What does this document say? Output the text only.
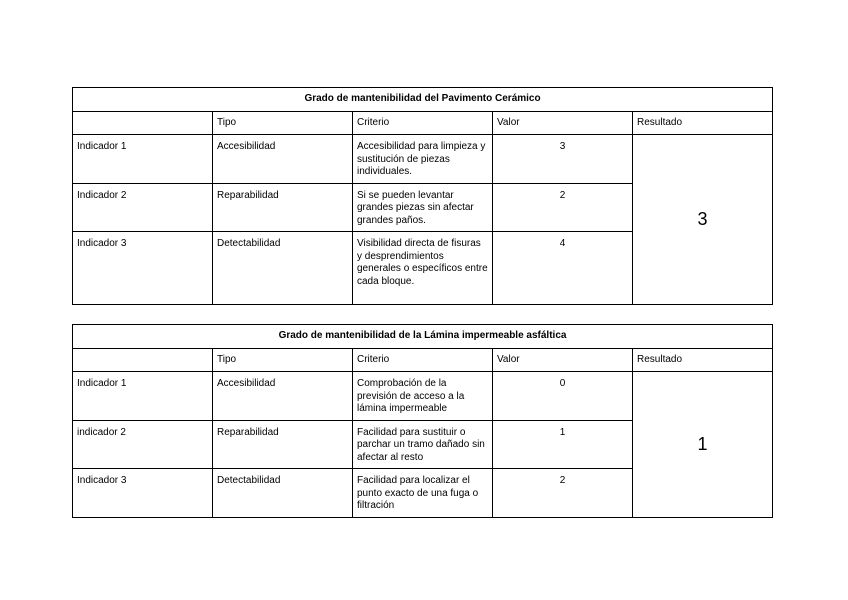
Grado de mantenibilidad del Pavimento Cerámico				
	Tipo	Criterio	Valor	Resultado
Indicador 1	Accesibilidad	Accesibilidad para limpieza y sustitución de piezas individuales.	3	3
Indicador 2	Reparabilidad	Si se pueden levantar grandes piezas sin afectar grandes paños.	2	
Indicador 3	Detectabilidad	Visibilidad directa de fisuras y desprendimientos generales o específicos entre cada bloque.	4	
Grado de mantenibilidad de la Lámina impermeable asfáltica				
	Tipo	Criterio	Valor	Resultado
Indicador 1	Accesibilidad	Comprobación de la previsión de acceso a la lámina impermeable	0	1
indicador 2	Reparabilidad	Facilidad para sustituir o parchar un tramo dañado sin afectar al resto	1	
Indicador 3	Detectabilidad	Facilidad para localizar el punto exacto de una fuga o filtración	2	
